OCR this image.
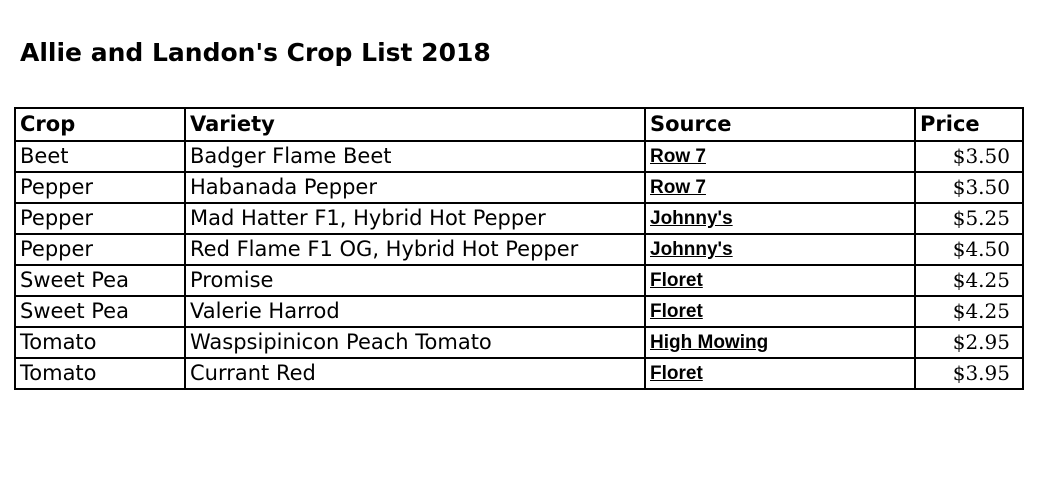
Allie and Landon's Crop List 2018
Crop	Variety	Source	Price
Beet	Badger Flame Beet	Row 7	$3.50
Pepper	Habanada Pepper	Row 7	$3.50
Pepper	Mad Hatter F1, Hybrid Hot Pepper	Johnny's	$5.25
Pepper	Red Flame F1 OG, Hybrid Hot Pepper	Johnny's	$4.50
Sweet Pea	Promise	Floret	$4.25
Sweet Pea	Valerie Harrod	Floret	$4.25
Tomato	Waspsipinicon Peach Tomato	High Mowing	$2.95
Tomato	Currant Red	Floret	$3.95
